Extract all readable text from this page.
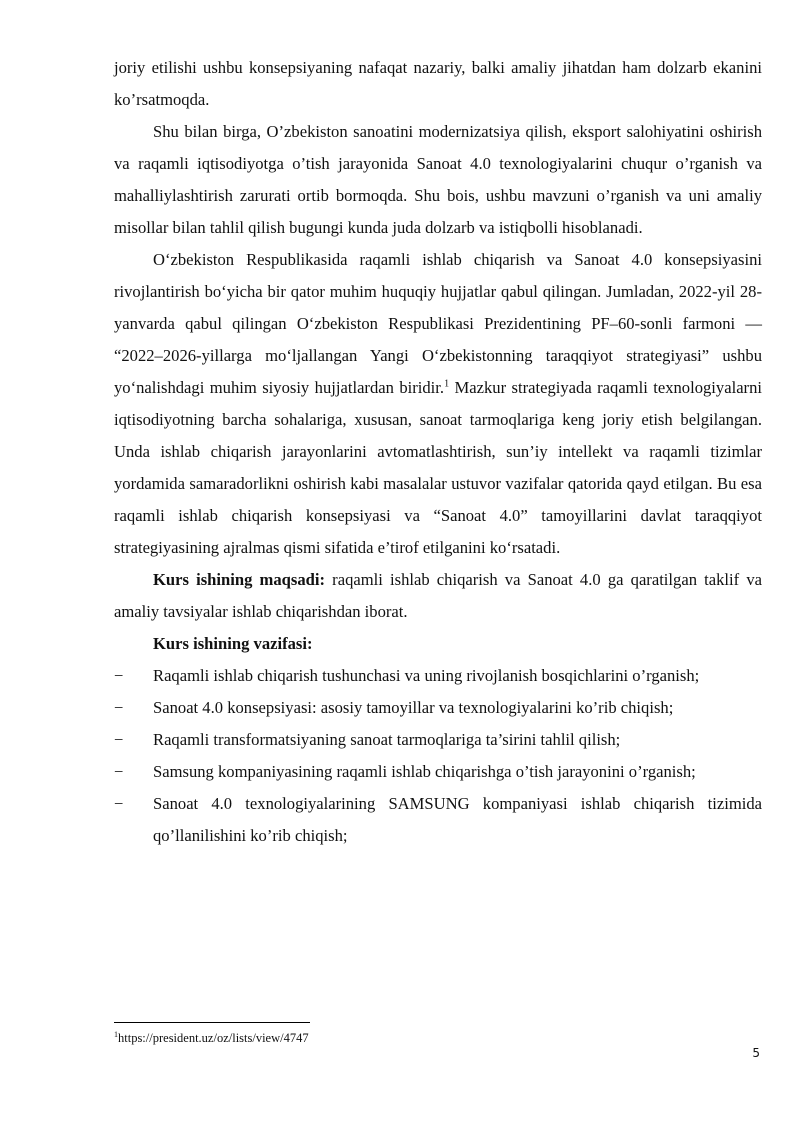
joriy etilishi ushbu konsepsiyaning nafaqat nazariy, balki amaliy jihatdan ham dolzarb ekanini ko’rsatmoqda.

Shu bilan birga, O’zbekiston sanoatini modernizatsiya qilish, eksport salohiyatini oshirish va raqamli iqtisodiyotga o’tish jarayonida Sanoat 4.0 texnologiyalarini chuqur o’rganish va mahalliylashtirish zarurati ortib bormoqda. Shu bois, ushbu mavzuni o’rganish va uni amaliy misollar bilan tahlil qilish bugungi kunda juda dolzarb va istiqbolli hisoblanadi.

O‘zbekiston Respublikasida raqamli ishlab chiqarish va Sanoat 4.0 konsepsiyasini rivojlantirish bo‘yicha bir qator muhim huquqiy hujjatlar qabul qilingan. Jumladan, 2022-yil 28-yanvarda qabul qilingan O‘zbekiston Respublikasi Prezidentining PF–60-sonli farmoni — “2022–2026-yillarga mo‘ljallangan Yangi O‘zbekistonning taraqqiyot strategiyasi” ushbu yo‘nalishdagi muhim siyosiy hujjatlardan biridir.$^1$ Mazkur strategiyada raqamli texnologiyalarni iqtisodiyotning barcha sohalariga, xususan, sanoat tarmoqlariga keng joriy etish belgilangan. Unda ishlab chiqarish jarayonlarini avtomatlashtirish, sun’iy intellekt va raqamli tizimlar yordamida samaradorlikni oshirish kabi masalalar ustuvor vazifalar qatorida qayd etilgan. Bu esa raqamli ishlab chiqarish konsepsiyasi va “Sanoat 4.0” tamoyillarini davlat taraqqiyot strategiyasining ajralmas qismi sifatida e’tirof etilganini ko‘rsatadi.

Kurs ishining maqsadi: raqamli ishlab chiqarish va Sanoat 4.0 ga qaratilgan taklif va amaliy tavsiyalar ishlab chiqarishdan iborat.

Kurs ishining vazifasi:

− Raqamli ishlab chiqarish tushunchasi va uning rivojlanish bosqichlarini o’rganish;
− Sanoat 4.0 konsepsiyasi: asosiy tamoyillar va texnologiyalarini ko’rib chiqish;
− Raqamli transformatsiyaning sanoat tarmoqlariga ta’sirini tahlil qilish;
− Samsung kompaniyasining raqamli ishlab chiqarishga o’tish jarayonini o’rganish;
− Sanoat 4.0 texnologiyalarining SAMSUNG kompaniyasi ishlab chiqarish tizimida qo’llanilishini ko’rib chiqish;
$^1$https://president.uz/oz/lists/view/4747
5
